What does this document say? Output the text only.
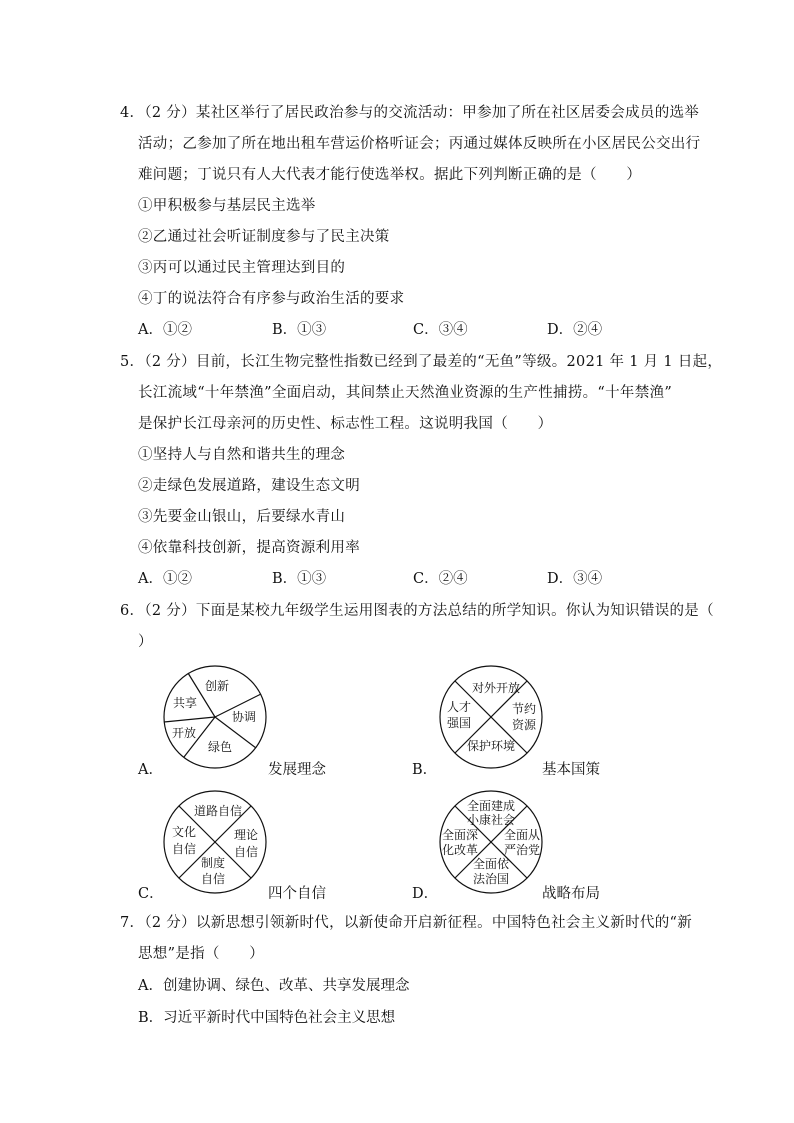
4．（2 分）某社区举行了居民政治参与的交流活动：甲参加了所在社区居委会成员的选举
活动；乙参加了所在地出租车营运价格听证会；丙通过媒体反映所在小区居民公交出行
难问题；丁说只有人大代表才能行使选举权。据此下列判断正确的是（　　）
①甲积极参与基层民主选举
②乙通过社会听证制度参与了民主决策
③丙可以通过民主管理达到目的
④丁的说法符合有序参与政治生活的要求
A．①②	B．①③	C．③④	D．②④
5．（2 分）目前，长江生物完整性指数已经到了最差的“无鱼”等级。2021 年 1 月 1 日起，
长江流域“十年禁渔”全面启动，其间禁止天然渔业资源的生产性捕捞。“十年禁渔”
是保护长江母亲河的历史性、标志性工程。这说明我国（　　）
①坚持人与自然和谐共生的理念
②走绿色发展道路，建设生态文明
③先要金山银山，后要绿水青山
④依靠科技创新，提高资源利用率
A．①②	B．①③	C．②④	D．③④
6．（2 分）下面是某校九年级学生运用图表的方法总结的所学知识。你认为知识错误的是（
）
A．
创新
协调
绿色
开放
共享
发展理念	B．
对外开放
节约
资源
保护环境
人才
强国
基本国策
C．
道路自信
理论
自信
制度
自信
文化
自信
四个自信	D．
全面建成
小康社会
全面从
严治党
全面依
法治国
全面深
化改革
战略布局
7．（2 分）以新思想引领新时代，以新使命开启新征程。中国特色社会主义新时代的“新
思想”是指（　　）
A．创建协调、绿色、改革、共享发展理念
B．习近平新时代中国特色社会主义思想
